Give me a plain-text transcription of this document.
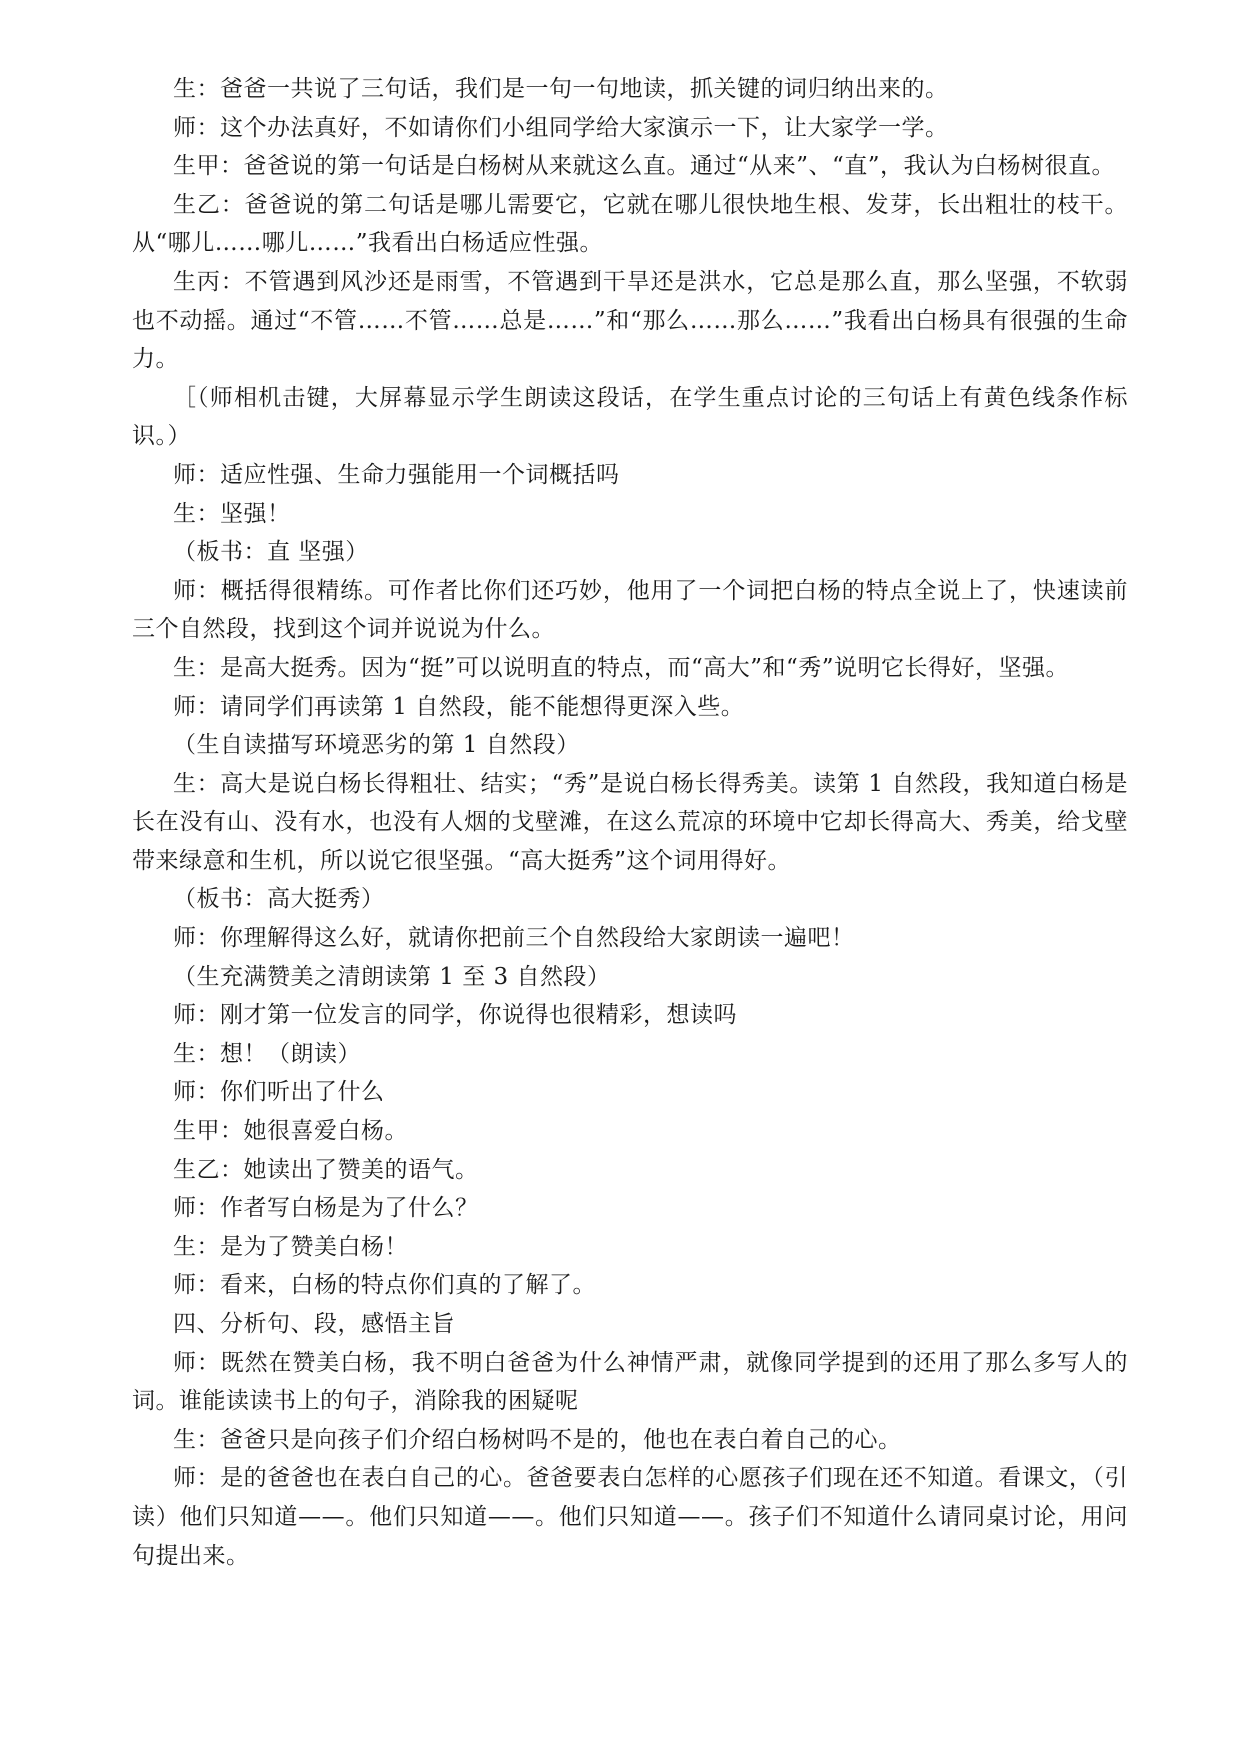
生：爸爸一共说了三句话，我们是一句一句地读，抓关键的词归纳出来的。

师：这个办法真好，不如请你们小组同学给大家演示一下，让大家学一学。

生甲：爸爸说的第一句话是白杨树从来就这么直。通过“从来”、“直”，我认为白杨树很直。

生乙：爸爸说的第二句话是哪儿需要它，它就在哪儿很快地生根、发芽，长出粗壮的枝干。从“哪儿……哪儿……”我看出白杨适应性强。

生丙：不管遇到风沙还是雨雪，不管遇到干旱还是洪水，它总是那么直，那么坚强，不软弱也不动摇。通过“不管……不管……总是……”和“那么……那么……”我看出白杨具有很强的生命力。

［（师相机击键，大屏幕显示学生朗读这段话，在学生重点讨论的三句话上有黄色线条作标识。）

师：适应性强、生命力强能用一个词概括吗

生：坚强！

（板书：直 坚强）

师：概括得很精练。可作者比你们还巧妙，他用了一个词把白杨的特点全说上了，快速读前三个自然段，找到这个词并说说为什么。

生：是高大挺秀。因为“挺”可以说明直的特点，而“高大”和“秀”说明它长得好，坚强。

师：请同学们再读第 1 自然段，能不能想得更深入些。

（生自读描写环境恶劣的第 1 自然段）

生：高大是说白杨长得粗壮、结实；“秀”是说白杨长得秀美。读第 1 自然段，我知道白杨是长在没有山、没有水，也没有人烟的戈壁滩，在这么荒凉的环境中它却长得高大、秀美，给戈壁带来绿意和生机，所以说它很坚强。“高大挺秀”这个词用得好。

（板书：高大挺秀）

师：你理解得这么好，就请你把前三个自然段给大家朗读一遍吧！

（生充满赞美之清朗读第 1 至 3 自然段）

师：刚才第一位发言的同学，你说得也很精彩，想读吗

生：想！（朗读）

师：你们听出了什么

生甲：她很喜爱白杨。

生乙：她读出了赞美的语气。

师：作者写白杨是为了什么？

生：是为了赞美白杨！

师：看来，白杨的特点你们真的了解了。

四、分析句、段，感悟主旨

师：既然在赞美白杨，我不明白爸爸为什么神情严肃，就像同学提到的还用了那么多写人的词。谁能读读书上的句子，消除我的困疑呢

生：爸爸只是向孩子们介绍白杨树吗不是的，他也在表白着自己的心。

师：是的爸爸也在表白自己的心。爸爸要表白怎样的心愿孩子们现在还不知道。看课文，（引读）他们只知道——。他们只知道——。他们只知道——。孩子们不知道什么请同桌讨论，用问句提出来。
